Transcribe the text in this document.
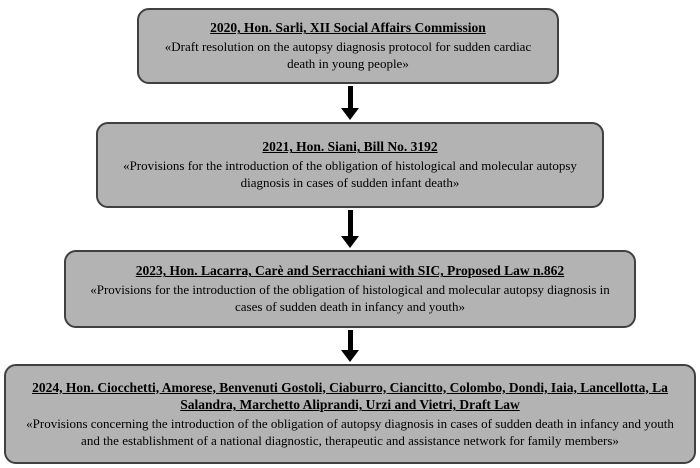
2020, Hon. Sarli, XII Social Affairs Commission
«Draft resolution on the autopsy diagnosis protocol for sudden cardiac death in young people»
2021, Hon. Siani, Bill No. 3192
«Provisions for the introduction of the obligation of histological and molecular autopsy diagnosis in cases of sudden infant death»
2023, Hon. Lacarra, Carè and Serracchiani with SIC, Proposed Law n.862
«Provisions for the introduction of the obligation of histological and molecular autopsy diagnosis in cases of sudden death in infancy and youth»
2024, Hon. Ciocchetti, Amorese, Benvenuti Gostoli, Ciaburro, Ciancitto, Colombo, Dondi, Iaia, Lancellotta, La Salandra, Marchetto Aliprandi, Urzi and Vietri, Draft Law
«Provisions concerning the introduction of the obligation of autopsy diagnosis in cases of sudden death in infancy and youth and the establishment of a national diagnostic, therapeutic and assistance network for family members»
